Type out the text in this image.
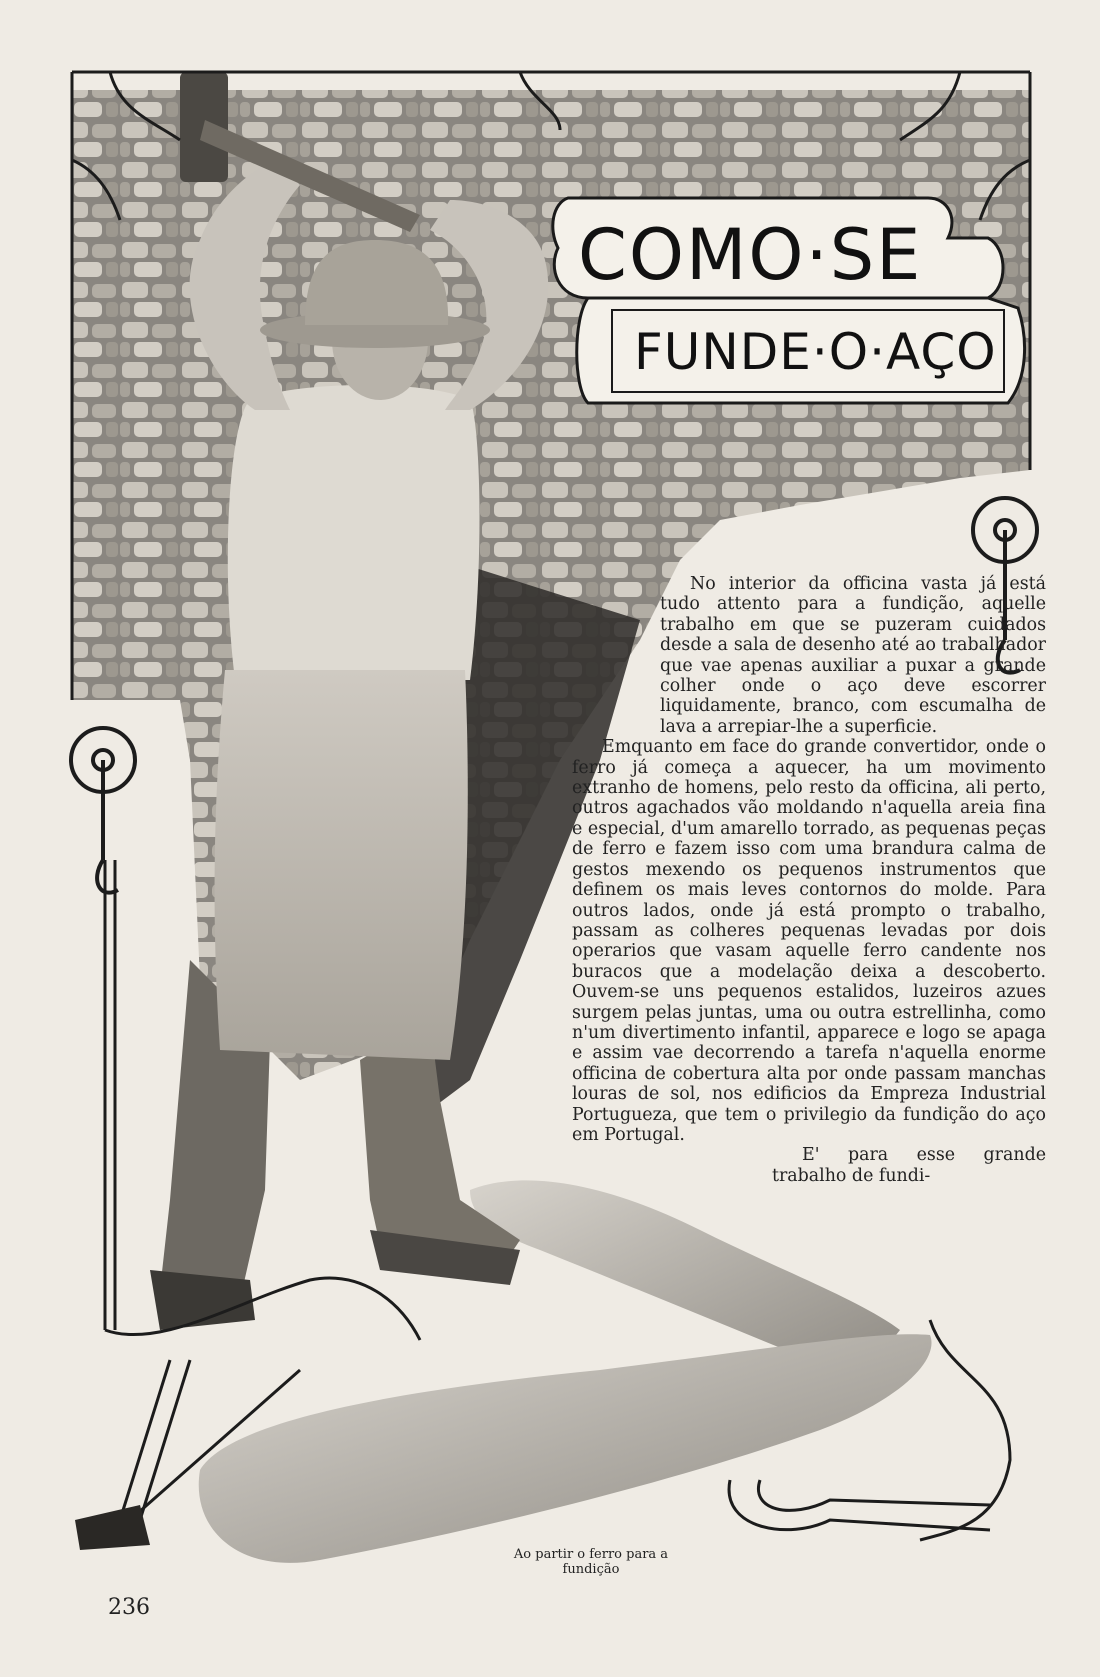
COMO·SE
FUNDE·O·AÇO

No interior da officina vasta já está tudo attento para a fundição, aquelle trabalho em que se puzeram cuidados desde a sala de desenho até ao trabalhador que vae apenas auxiliar a puxar a grande colher onde o aço deve escorrer liquidamente, branco, com escumalha de lava a arrepiar-lhe a superficie.

Emquanto em face do grande convertidor, onde o ferro já começa a aquecer, ha um movimento extranho de homens, pelo resto da officina, ali perto, outros agachados vão moldando n'aquella areia fina e especial, d'um amarello torrado, as pequenas peças de ferro e fazem isso com uma brandura calma de gestos mexendo os pequenos instrumentos que definem os mais leves contornos do molde. Para outros lados, onde já está prompto o trabalho, passam as colheres pequenas levadas por dois operarios que vasam aquelle ferro candente nos buracos que a modelação deixa a descoberto. Ouvem-se uns pequenos estalidos, luzeiros azues surgem pelas juntas, uma ou outra estrellinha, como n'um divertimento infantil, apparece e logo se apaga e assim vae decorrendo a tarefa n'aquella enorme officina de cobertura alta por onde passam manchas louras de sol, nos edificios da Empreza Industrial Portugueza, que tem o privilegio da fundição do aço em Portugal.

E' para esse grande trabalho de fundi-

Ao partir o ferro para a fundição
236
